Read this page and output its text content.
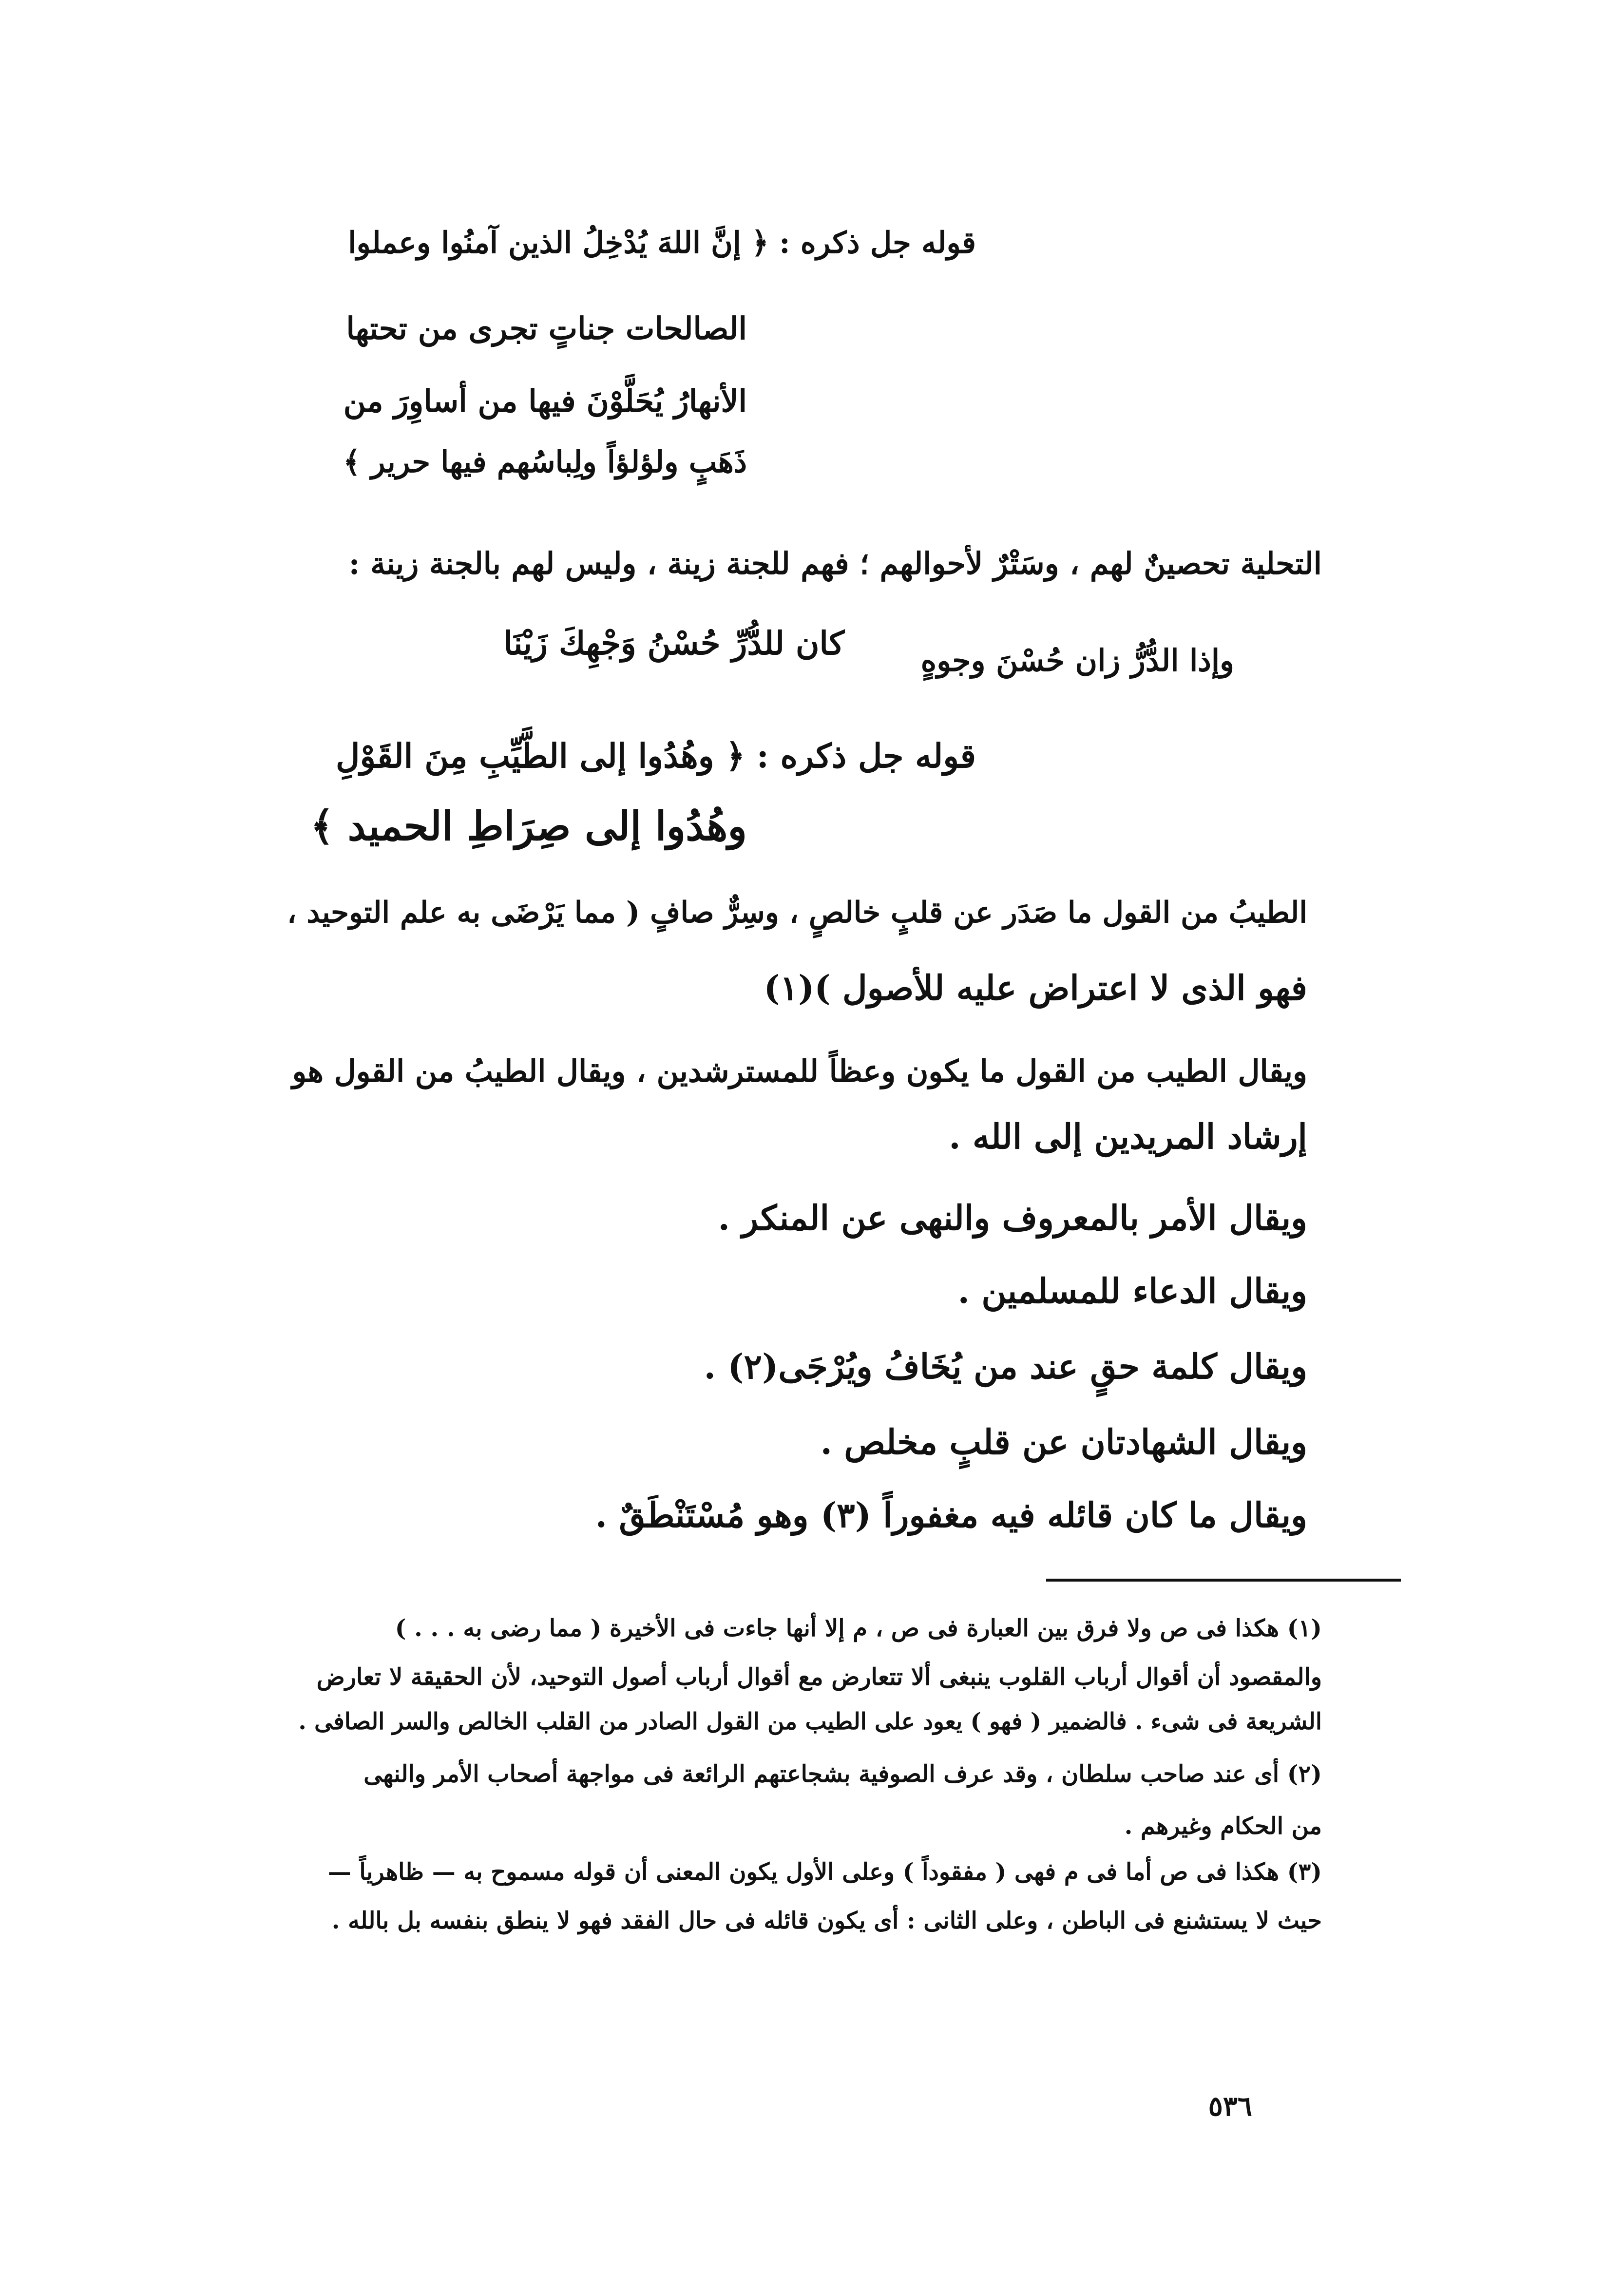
قوله جل ذكره : ﴿ إنَّ اللهَ يُدْخِلُ الذين آمنُوا وعملوا
الصالحات جناتٍ تجرى من تحتها
الأنهارُ يُحَلَّوْنَ فيها من أساوِرَ من
ذَهَبٍ ولؤلؤاً ولِباسُهم فيها حرير ﴾
التحلية تحصينٌ لهم ، وسَتْرٌ لأحوالهم ؛ فهم للجنة زينة ، وليس لهم بالجنة زينة :
وإذا الدُّرُّ زان حُسْنَ وجوهٍ
كان للدُّرِّ حُسْنُ وَجْهِكَ زَيْنَا
قوله جل ذكره : ﴿ وهُدُوا إلى الطَّيِّبِ مِنَ القَوْلِ
وهُدُوا إلى صِرَاطِ الحميد ﴾
الطيبُ من القول ما صَدَر عن قلبٍ خالصٍ ، وسِرٌّ صافٍ ( مما يَرْضَى به علم التوحيد ،
فهو الذى لا اعتراض عليه للأصول )(١)
ويقال الطيب من القول ما يكون وعظاً للمسترشدين ، ويقال الطيبُ من القول هو
إرشاد المريدين إلى الله .
ويقال الأمر بالمعروف والنهى عن المنكر .
ويقال الدعاء للمسلمين .
ويقال كلمة حقٍ عند من يُخَافُ ويُرْجَى(٢) .
ويقال الشهادتان عن قلبٍ مخلص .
ويقال ما كان قائله فيه مغفوراً (٣) وهو مُسْتَنْطَقٌ .
(١) هكذا فى ص ولا فرق بين العبارة فى ص ، م إلا أنها جاءت فى الأخيرة ( مما رضى به . . . )
والمقصود أن أقوال أرباب القلوب ينبغى ألا تتعارض مع أقوال أرباب أصول التوحيد، لأن الحقيقة لا تعارض
الشريعة فى شىء . فالضمير ( فهو ) يعود على الطيب من القول الصادر من القلب الخالص والسر الصافى .
(٢) أى عند صاحب سلطان ، وقد عرف الصوفية بشجاعتهم الرائعة فى مواجهة أصحاب الأمر والنهى
من الحكام وغيرهم .
(٣) هكذا فى ص أما فى م فهى ( مفقوداً ) وعلى الأول يكون المعنى أن قوله مسموح به — ظاهرياً —
حيث لا يستشنع فى الباطن ، وعلى الثانى : أى يكون قائله فى حال الفقد فهو لا ينطق بنفسه بل بالله .
٥٣٦
